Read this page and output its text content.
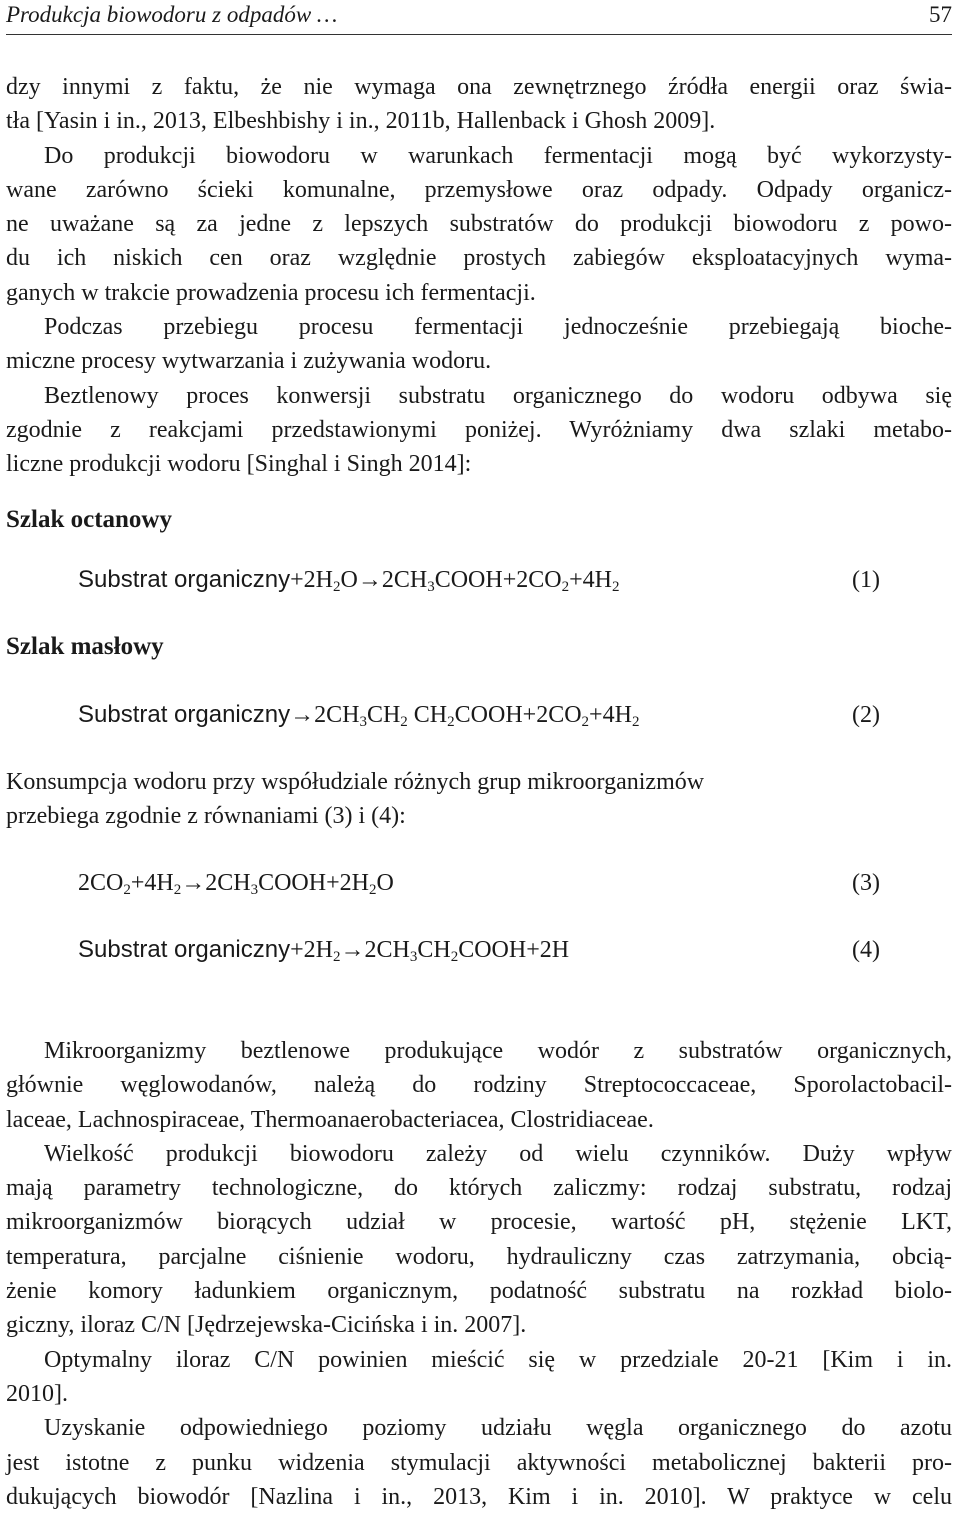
Produkcja biowodoru z odpadów …	57
dzy innymi z faktu, że nie wymaga ona zewnętrznego źródła energii oraz świa-
tła [Yasin i in., 2013, Elbeshbishy i in., 2011b, Hallenback i Ghosh 2009].
Do produkcji biowodoru w warunkach fermentacji mogą być wykorzysty-
wane zarówno ścieki komunalne, przemysłowe oraz odpady. Odpady organicz-
ne uważane są za jedne z lepszych substratów do produkcji biowodoru z powo-
du ich niskich cen oraz względnie prostych zabiegów eksploatacyjnych wyma-
ganych w trakcie prowadzenia procesu ich fermentacji.
Podczas przebiegu procesu fermentacji jednocześnie przebiegają bioche-
miczne procesy wytwarzania i zużywania wodoru.
Beztlenowy proces konwersji substratu organicznego do wodoru odbywa się
zgodnie z reakcjami przedstawionymi poniżej. Wyróżniamy dwa szlaki metabo-
liczne produkcji wodoru [Singhal i Singh 2014]:
Szlak octanowy
Substrat $organiczny+2H_2O\to 2CH_3COOH+2CO_2+4H_2$	(1)
Szlak masłowy
Substrat $organiczny\to 2CH_3CH_2$ $CH_2COOH+2CO_2+4H_2$	(2)
Konsumpcja wodoru przy współudziale różnych grup mikroorganizmów
przebiega zgodnie z równaniami (3) i (4):
$2CO_2+4H_2\to 2CH_3COOH+2H_2O$	(3)
Substrat $organiczny+2H_2\to 2CH_3CH_2COOH+2H$	(4)
Mikroorganizmy beztlenowe produkujące wodór z substratów organicznych,
głównie węglowodanów, należą do rodziny Streptococcaceae, Sporolactobacil-
laceae, Lachnospiraceae, Thermoanaerobacteriacea, Clostridiaceae.
Wielkość produkcji biowodoru zależy od wielu czynników. Duży wpływ
mają parametry technologiczne, do których zaliczmy: rodzaj substratu, rodzaj
mikroorganizmów biorących udział w procesie, wartość pH, stężenie LKT,
temperatura, parcjalne ciśnienie wodoru, hydrauliczny czas zatrzymania, obcią-
żenie komory ładunkiem organicznym, podatność substratu na rozkład biolo-
giczny, iloraz C/N [Jędrzejewska-Cicińska i in. 2007].
Optymalny iloraz C/N powinien mieścić się w przedziale 20-21 [Kim i in.
2010].
Uzyskanie odpowiedniego poziomy udziału węgla organicznego do azotu
jest istotne z punku widzenia stymulacji aktywności metabolicznej bakterii pro-
dukujących biowodór [Nazlina i in., 2013, Kim i in. 2010]. W praktyce w celu
